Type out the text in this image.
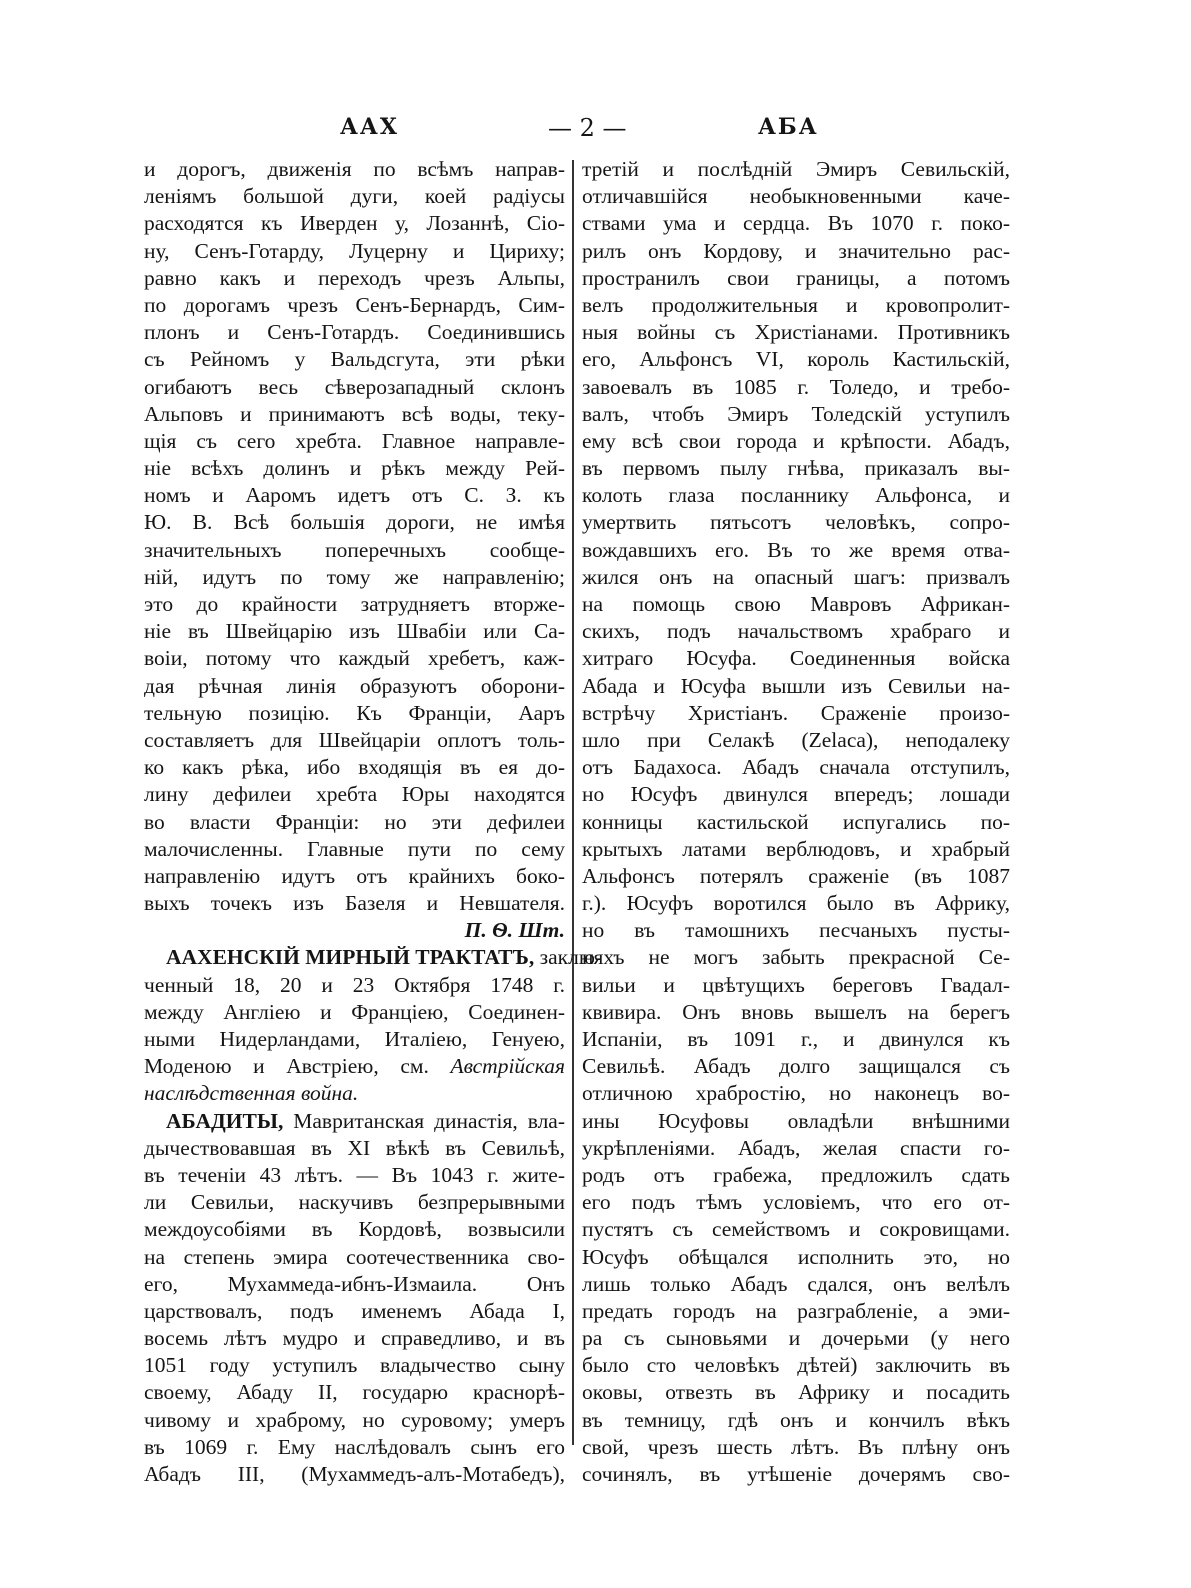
ААХ	— 2 —	АБА
и дорогъ, движенія по всѣмъ направ-
леніямъ большой дуги, коей радіусы
расходятся къ Иверден у, Лозаннѣ, Сіо-
ну, Сенъ-Готарду, Луцерну и Цириху;
равно какъ и переходъ чрезъ Альпы,
по дорогамъ чрезъ Сенъ-Бернардъ, Сим-
плонъ и Сенъ-Готардъ. Соединившись
съ Рейномъ у Вальдсгута, эти рѣки
огибаютъ весь сѣверозападный склонъ
Альповъ и принимаютъ всѣ воды, теку-
щія съ сего хребта. Главное направле-
ніе всѣхъ долинъ и рѣкъ между Рей-
номъ и Ааромъ идетъ отъ С. З. къ
Ю. В. Всѣ большія дороги, не имѣя
значительныхъ поперечныхъ сообще-
ній, идутъ по тому же направленію;
это до крайности затрудняетъ вторже-
ніе въ Швейцарію изъ Швабіи или Са-
воіи, потому что каждый хребетъ, каж-
дая рѣчная линія образуютъ оборони-
тельную позицію. Къ Франціи, Ааръ
составляетъ для Швейцаріи оплотъ толь-
ко какъ рѣка, ибо входящія въ ея до-
лину дефилеи хребта Юры находятся
во власти Франціи: но эти дефилеи
малочисленны. Главные пути по сему
направленію идутъ отъ крайнихъ боко-
выхъ точекъ изъ Базеля и Невшателя.
П. Ѳ. Шт.
ААХЕНСКІЙ МИРНЫЙ ТРАКТАТЪ, заклю-
ченный 18, 20 и 23 Октября 1748 г.
между Англіею и Франціею, Соединен-
ными Нидерландами, Италіею, Генуею,
Моденою и Австріею, см. Австрійская
наслѣдственная война.
АБАДИТЫ, Мавританская династія, вла-
дычествовавшая въ XI вѣкѣ въ Севильѣ,
въ теченіи 43 лѣтъ. — Въ 1043 г. жите-
ли Севильи, наскучивъ безпрерывными
междоусобіями въ Кордовѣ, возвысили
на степень эмира соотечественника сво-
его, Мухаммеда-ибнъ-Измаила. Онъ
царствовалъ, подъ именемъ Абада I,
восемь лѣтъ мудро и справедливо, и въ
1051 году уступилъ владычество сыну
своему, Абаду II, государю краснорѣ-
чивому и храброму, но суровому; умеръ
въ 1069 г. Ему наслѣдовалъ сынъ его
Абадъ III, (Мухаммедъ-алъ-Мотабедъ),
третій и послѣдній Эмиръ Севильскій,
отличавшійся необыкновенными каче-
ствами ума и сердца. Въ 1070 г. поко-
рилъ онъ Кордову, и значительно рас-
пространилъ свои границы, а потомъ
велъ продолжительныя и кровопролит-
ныя войны съ Христіанами. Противникъ
его, Альфонсъ VI, король Кастильскій,
завоевалъ въ 1085 г. Толедо, и требо-
валъ, чтобъ Эмиръ Толедскій уступилъ
ему всѣ свои города и крѣпости. Абадъ,
въ первомъ пылу гнѣва, приказалъ вы-
колоть глаза посланнику Альфонса, и
умертвить пятьсотъ человѣкъ, сопро-
вождавшихъ его. Въ то же время отва-
жился онъ на опасный шагъ: призвалъ
на помощь свою Мавровъ Африкан-
скихъ, подъ начальствомъ храбраго и
хитраго Юсуфа. Соединенныя войска
Абада и Юсуфа вышли изъ Севильи на-
встрѣчу Христіанъ. Сраженіе произо-
шло при Селакѣ (Zelaca), неподалеку
отъ Бадахоса. Абадъ сначала отступилъ,
но Юсуфъ двинулся впередъ; лошади
конницы кастильской испугались по-
крытыхъ латами верблюдовъ, и храбрый
Альфонсъ потерялъ сраженіе (въ 1087
г.). Юсуфъ воротился было въ Африку,
но въ тамошнихъ песчаныхъ пусты-
няхъ не могъ забыть прекрасной Се-
вильи и цвѣтущихъ береговъ Гвадал-
квивира. Онъ вновь вышелъ на берегъ
Испаніи, въ 1091 г., и двинулся къ
Севильѣ. Абадъ долго защищался съ
отличною храбростію, но наконецъ во-
ины Юсуфовы овладѣли внѣшними
укрѣпленіями. Абадъ, желая спасти го-
родъ отъ грабежа, предложилъ сдать
его подъ тѣмъ условіемъ, что его от-
пустятъ съ семействомъ и сокровищами.
Юсуфъ обѣщался исполнить это, но
лишь только Абадъ сдался, онъ велѣлъ
предать городъ на разграбленіе, а эми-
ра съ сыновьями и дочерьми (у него
было сто человѣкъ дѣтей) заключить въ
оковы, отвезть въ Африку и посадить
въ темницу, гдѣ онъ и кончилъ вѣкъ
свой, чрезъ шесть лѣтъ. Въ плѣну онъ
сочинялъ, въ утѣшеніе дочерямъ сво-
